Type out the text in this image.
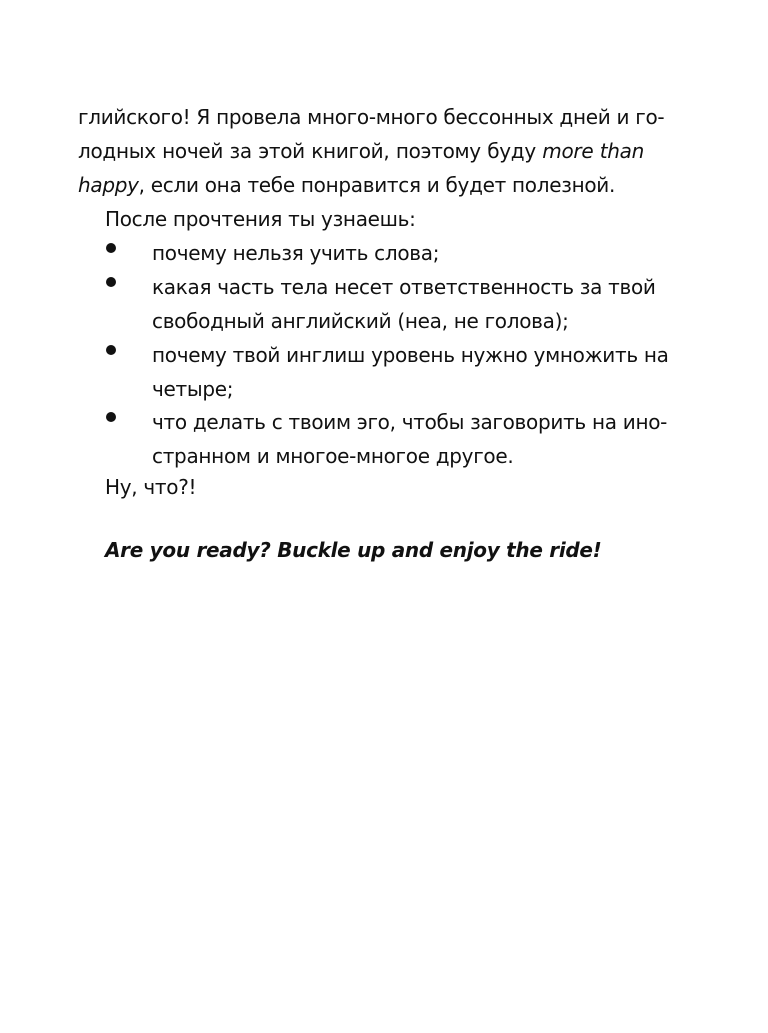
глийского! Я провела много-много бессонных дней и го-
лодных ночей за этой книгой, поэтому буду more than
happy, если она тебе понравится и будет полезной.
После прочтения ты узнаешь:
почему нельзя учить слова;
какая часть тела несет ответственность за твой
свободный английский (неа, не голова);
почему твой инглиш уровень нужно умножить на
четыре;
что делать с твоим эго, чтобы заговорить на ино-
странном и многое-многое другое.
Ну, что?!
Are you ready? Buckle up and enjoy the ride!
